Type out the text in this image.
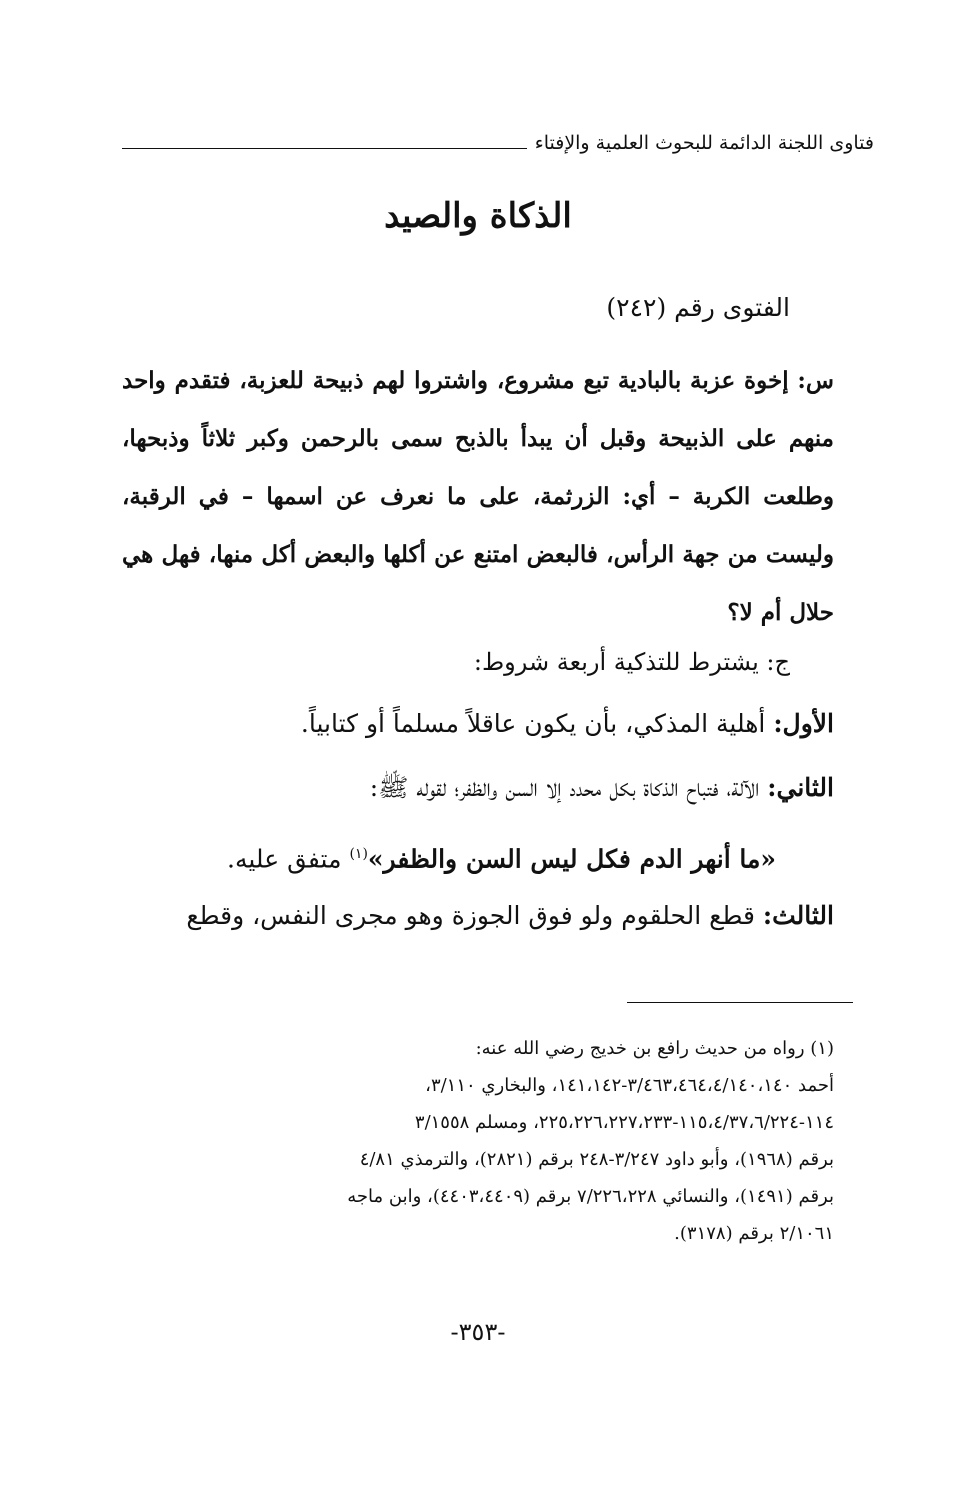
فتاوى اللجنة الدائمة للبحوث العلمية والإفتاء
الذكاة والصيد
الفتوى رقم (٢٤٢)

س: إخوة عزبة بالبادية تبع مشروع، واشتروا لهم ذبيحة للعزبة، فتقدم واحد منهم على الذبيحة وقبل أن يبدأ بالذبح سمى بالرحمن وكبر ثلاثاً وذبحها، وطلعت الكربة – أي: الزرثمة، على ما نعرف عن اسمها – في الرقبة، وليست من جهة الرأس، فالبعض امتنع عن أكلها والبعض أكل منها، فهل هي حلال أم لا؟

ج: يشترط للتذكية أربعة شروط:
الأول: أهلية المذكي، بأن يكون عاقلاً مسلماً أو كتابياً.
الثاني: الآلة، فتباح الذكاة بكل محدد إلا السن والظفر؛ لقوله ﷺ:
«ما أنهر الدم فكل ليس السن والظفر»$^{(١)}$ متفق عليه.
الثالث: قطع الحلقوم ولو فوق الجوزة وهو مجرى النفس، وقطع

(١) رواه من حديث رافع بن خديج رضي الله عنه:

أحمد ٣/٤٦٣،٤٦٤،٤/١٤٠،١٤٠-١٤١،١٤٢، والبخاري ٣/١١٠،

١١٤-١١٥،٤/٣٧،٦/٢٢٤-٢٢٥،٢٢٦،٢٢٧،٢٣٣، ومسلم ٣/١٥٥٨

برقم (١٩٦٨)، وأبو داود ٣/٢٤٧-٢٤٨ برقم (٢٨٢١)، والترمذي ٤/٨١

برقم (١٤٩١)، والنسائي ٧/٢٢٦،٢٢٨ برقم (٤٤٠٣،٤٤٠٩)، وابن ماجه

٢/١٠٦١ برقم (٣١٧٨).

-٣٥٣-
